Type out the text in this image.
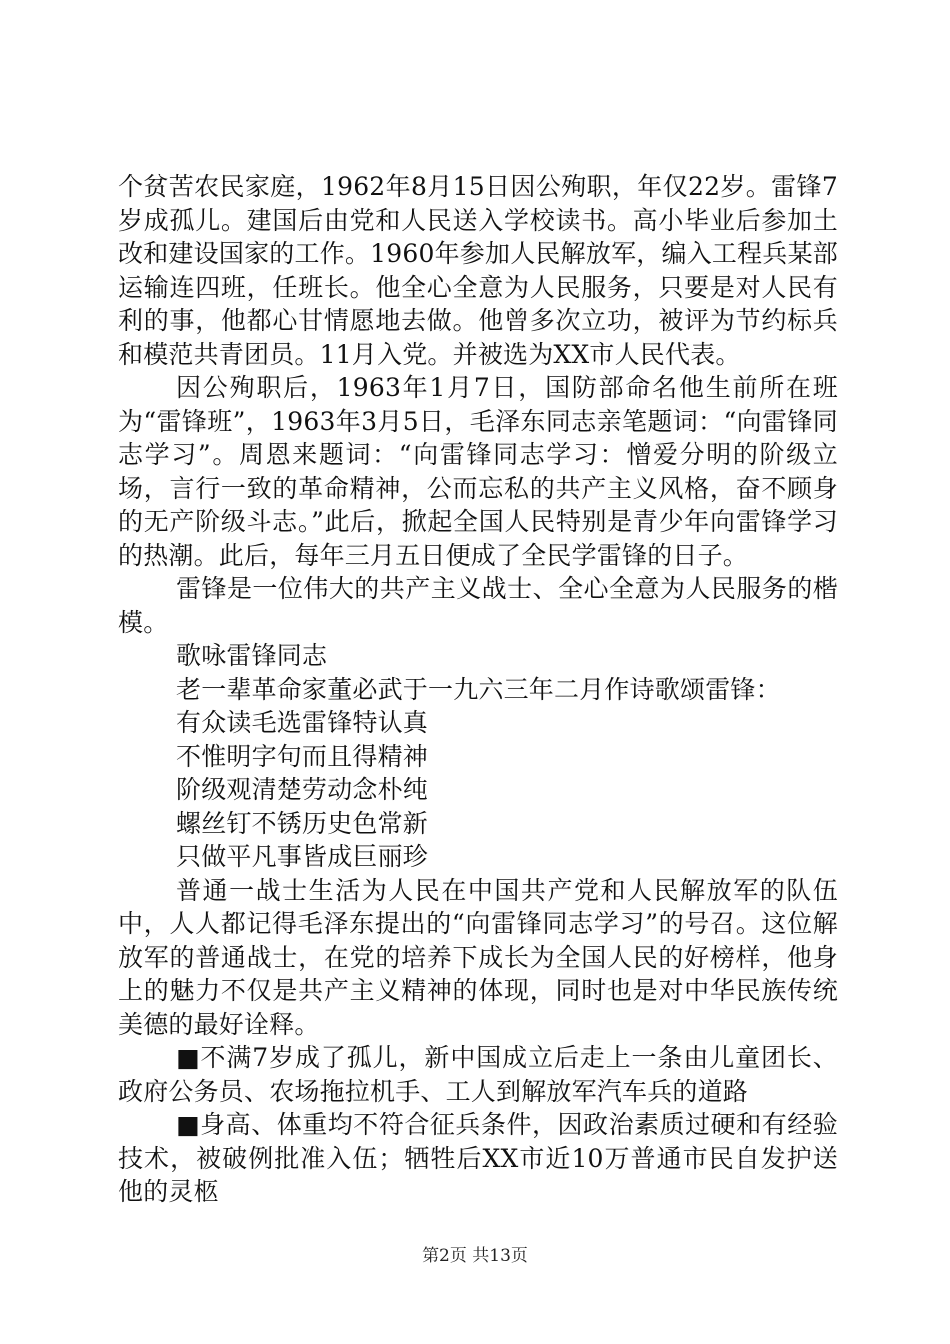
个贫苦农民家庭，1962年8月15日因公殉职，年仅22岁。雷锋7岁成孤儿。建国后由党和人民送入学校读书。高小毕业后参加土改和建设国家的工作。1960年参加人民解放军，编入工程兵某部运输连四班，任班长。他全心全意为人民服务，只要是对人民有利的事，他都心甘情愿地去做。他曾多次立功，被评为节约标兵和模范共青团员。11月入党。并被选为XX市人民代表。

因公殉职后，1963年1月7日，国防部命名他生前所在班为“雷锋班”，1963年3月5日，毛泽东同志亲笔题词：“向雷锋同志学习”。周恩来题词：“向雷锋同志学习：憎爱分明的阶级立场，言行一致的革命精神，公而忘私的共产主义风格，奋不顾身的无产阶级斗志。”此后，掀起全国人民特别是青少年向雷锋学习的热潮。此后，每年三月五日便成了全民学雷锋的日子。

雷锋是一位伟大的共产主义战士、全心全意为人民服务的楷模。

歌咏雷锋同志

老一辈革命家董必武于一九六三年二月作诗歌颂雷锋：

有众读毛选雷锋特认真

不惟明字句而且得精神

阶级观清楚劳动念朴纯

螺丝钉不锈历史色常新

只做平凡事皆成巨丽珍

普通一战士生活为人民在中国共产党和人民解放军的队伍中，人人都记得毛泽东提出的“向雷锋同志学习”的号召。这位解放军的普通战士，在党的培养下成长为全国人民的好榜样，他身上的魅力不仅是共产主义精神的体现，同时也是对中华民族传统美德的最好诠释。

■不满7岁成了孤儿，新中国成立后走上一条由儿童团长、政府公务员、农场拖拉机手、工人到解放军汽车兵的道路

■身高、体重均不符合征兵条件，因政治素质过硬和有经验技术，被破例批准入伍；牺牲后XX市近10万普通市民自发护送他的灵柩

第2页 共13页
